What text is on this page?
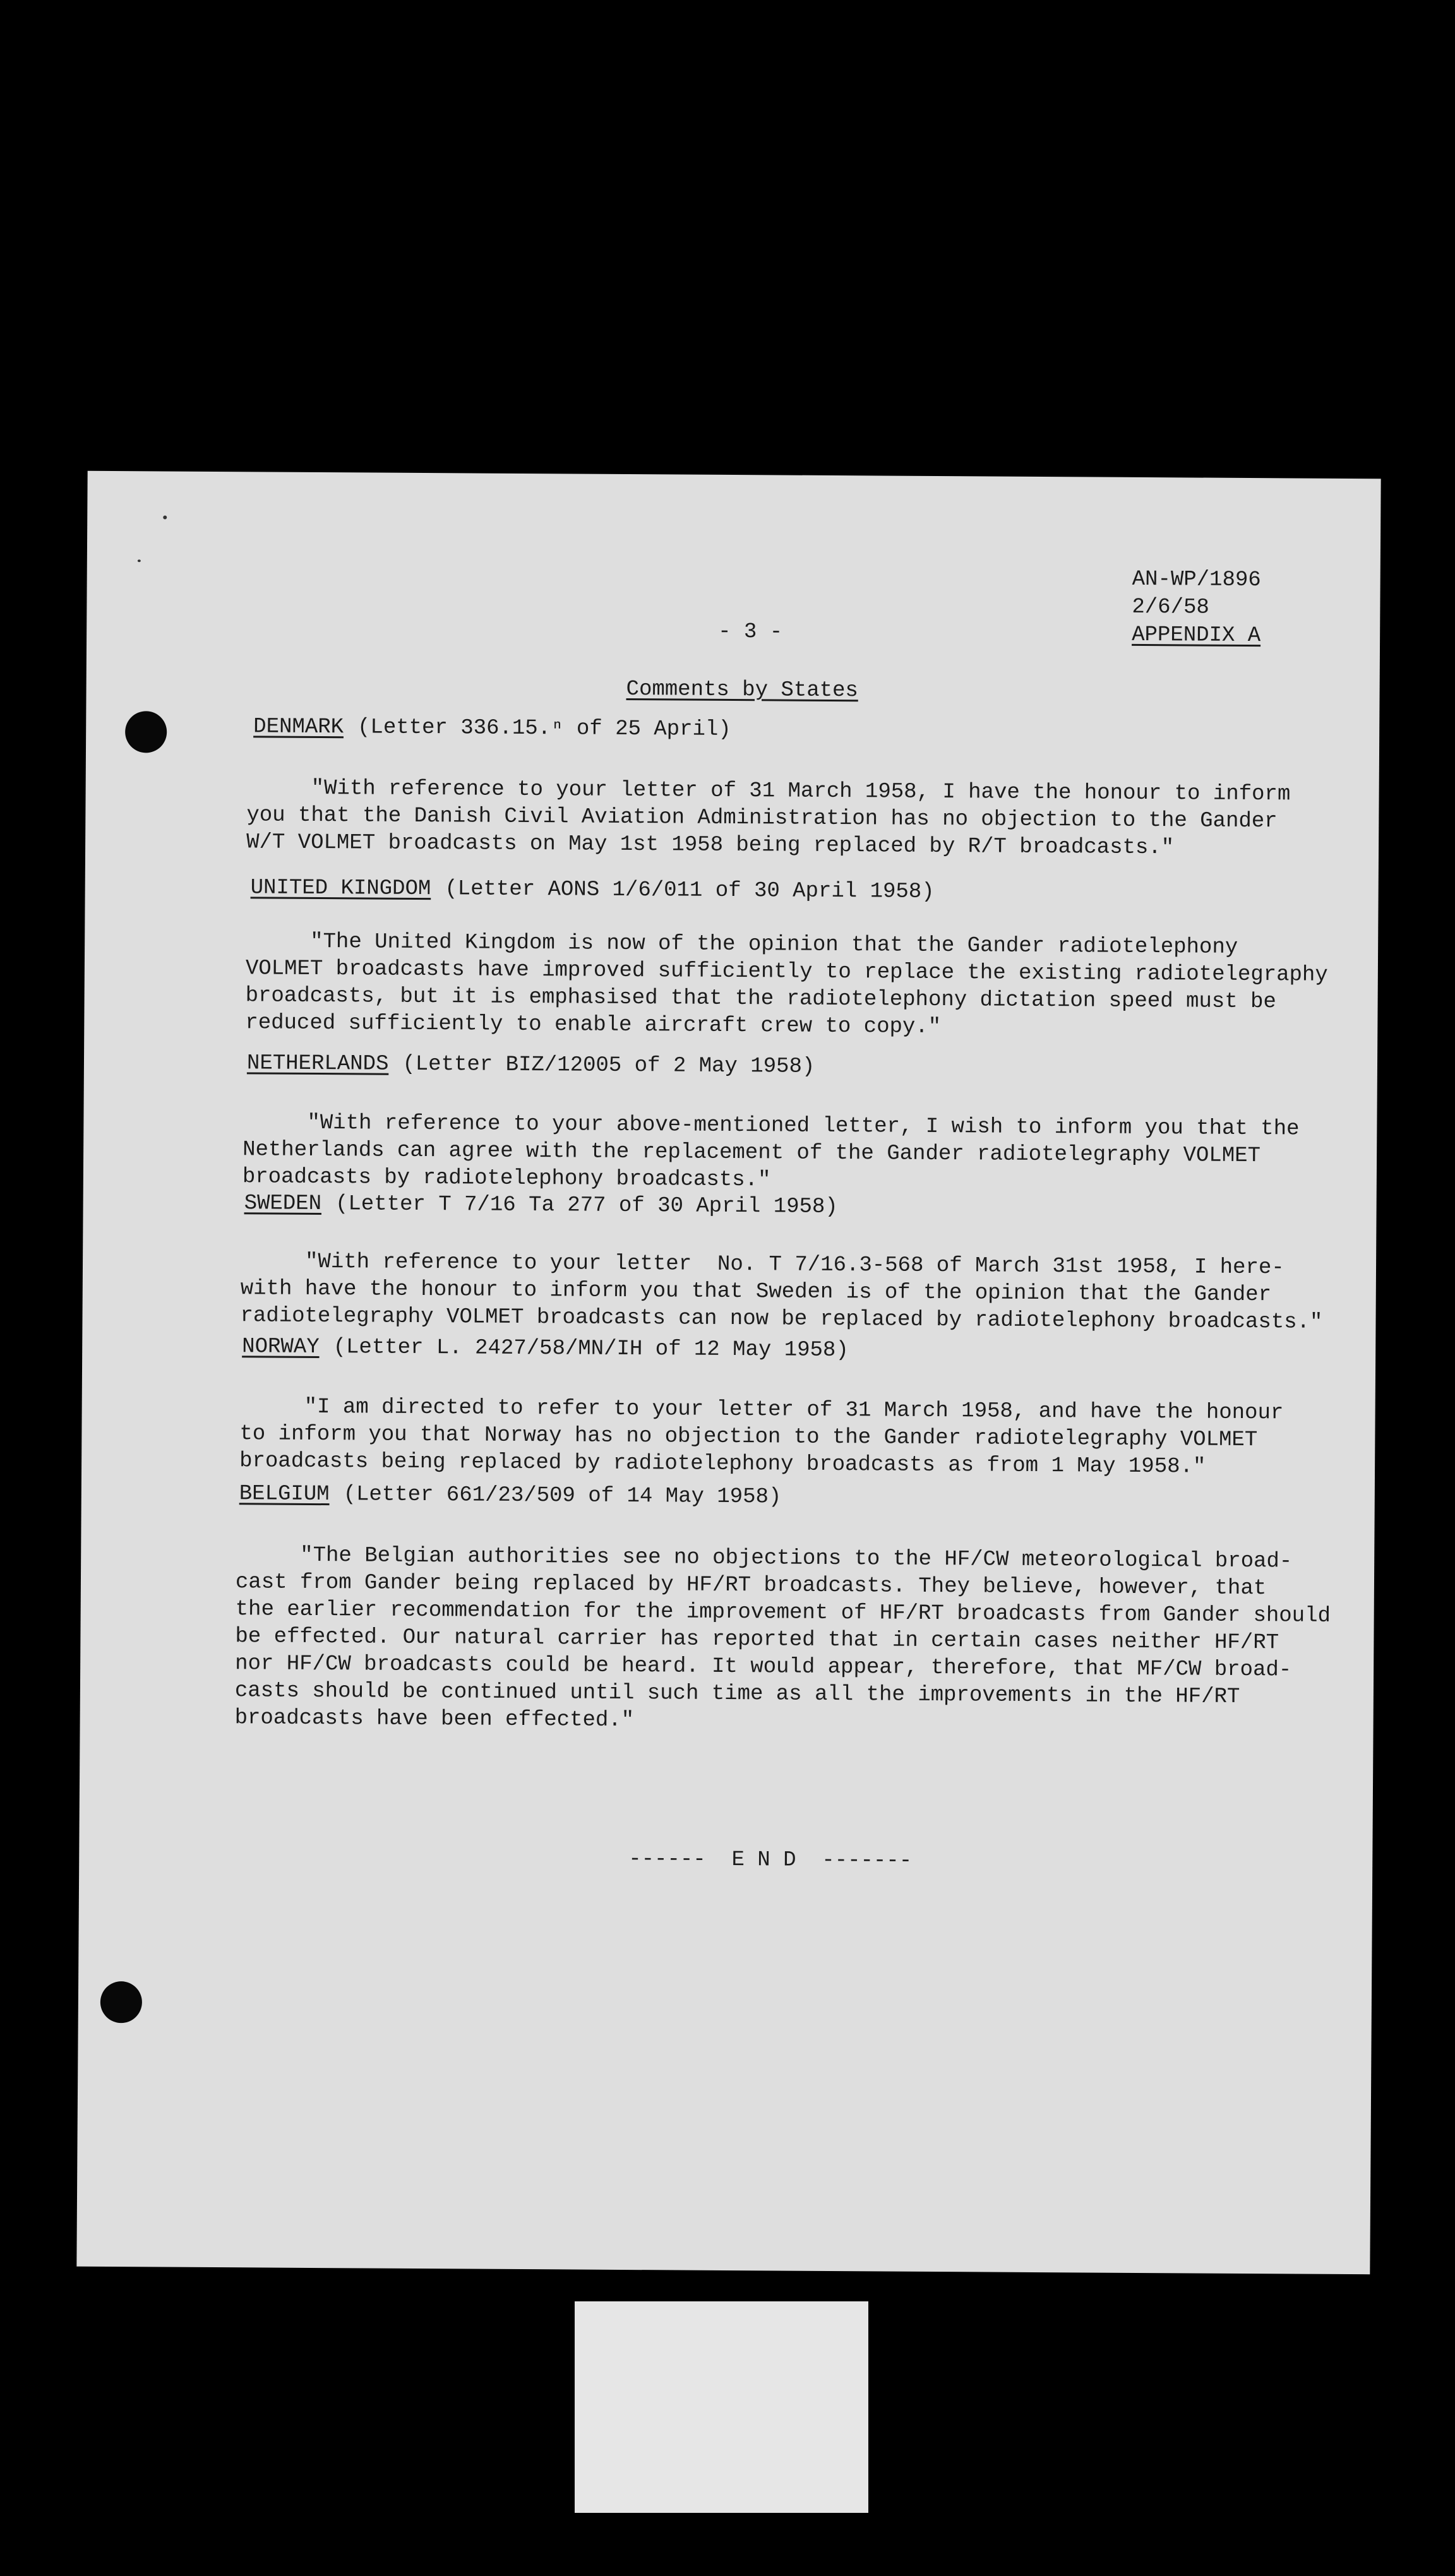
AN-WP/1896
2/6/58
APPENDIX A
- 3 -
Comments by States
DENMARK (Letter 336.15.ⁿ of 25 April)
"With reference to your letter of 31 March 1958, I have the honour to inform
you that the Danish Civil Aviation Administration has no objection to the Gander
W/T VOLMET broadcasts on May 1st 1958 being replaced by R/T broadcasts."
UNITED KINGDOM (Letter AONS 1/6/011 of 30 April 1958)
"The United Kingdom is now of the opinion that the Gander radiotelephony
VOLMET broadcasts have improved sufficiently to replace the existing radiotelegraphy
broadcasts, but it is emphasised that the radiotelephony dictation speed must be
reduced sufficiently to enable aircraft crew to copy."
NETHERLANDS (Letter BIZ/12005 of 2 May 1958)
"With reference to your above-mentioned letter, I wish to inform you that the
Netherlands can agree with the replacement of the Gander radiotelegraphy VOLMET
broadcasts by radiotelephony broadcasts."
SWEDEN (Letter T 7/16 Ta 277 of 30 April 1958)
"With reference to your letter  No. T 7/16.3-568 of March 31st 1958, I here-
with have the honour to inform you that Sweden is of the opinion that the Gander
radiotelegraphy VOLMET broadcasts can now be replaced by radiotelephony broadcasts."
NORWAY (Letter L. 2427/58/MN/IH of 12 May 1958)
"I am directed to refer to your letter of 31 March 1958, and have the honour
to inform you that Norway has no objection to the Gander radiotelegraphy VOLMET
broadcasts being replaced by radiotelephony broadcasts as from 1 May 1958."
BELGIUM (Letter 661/23/509 of 14 May 1958)
"The Belgian authorities see no objections to the HF/CW meteorological broad-
cast from Gander being replaced by HF/RT broadcasts. They believe, however, that
the earlier recommendation for the improvement of HF/RT broadcasts from Gander should
be effected. Our natural carrier has reported that in certain cases neither HF/RT
nor HF/CW broadcasts could be heard. It would appear, therefore, that MF/CW broad-
casts should be continued until such time as all the improvements in the HF/RT
broadcasts have been effected."
------  E N D  -------
